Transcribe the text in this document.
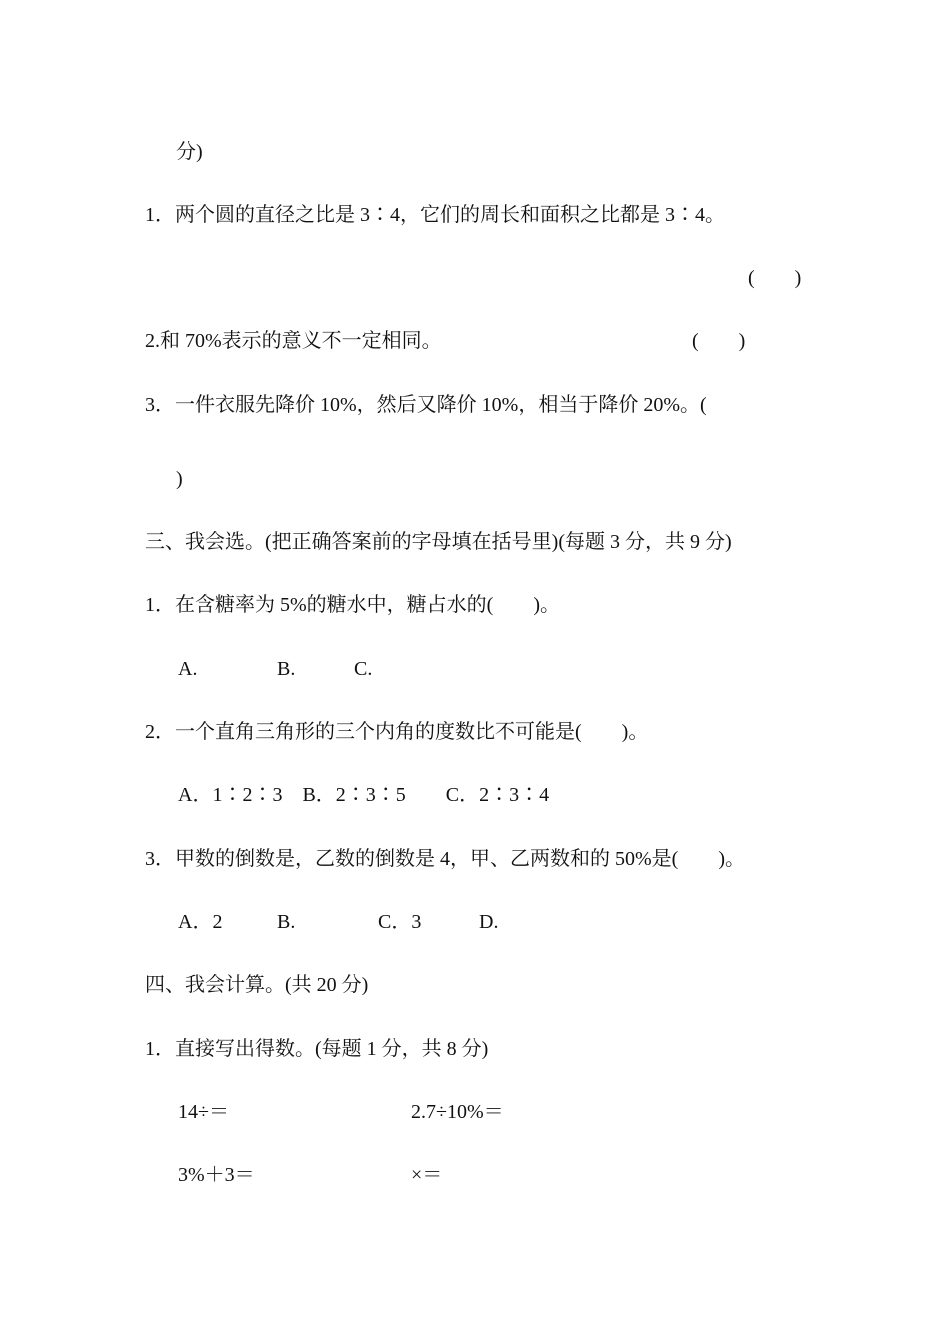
分)
1．两个圆的直径之比是 3∶4，它们的周长和面积之比都是 3∶4。
(　　)
2.和 70%表示的意义不一定相同。	(　　)
3．一件衣服先降价 10%，然后又降价 10%，相当于降价 20%。(
)
三、我会选。(把正确答案前的字母填在括号里)(每题 3 分，共 9 分)
1．在含糖率为 5%的糖水中，糖占水的(　　)。
A.	B.	C.
2．一个直角三角形的三个内角的度数比不可能是(　　)。
A．1∶2∶3　B．2∶3∶5　　C．2∶3∶4
3．甲数的倒数是，乙数的倒数是 4，甲、乙两数和的 50%是(　　)。
A．2	B.	C．3	D.
四、我会计算。(共 20 分)
1．直接写出得数。(每题 1 分，共 8 分)
14÷＝	2.7÷10%＝
3%＋3＝	×＝
